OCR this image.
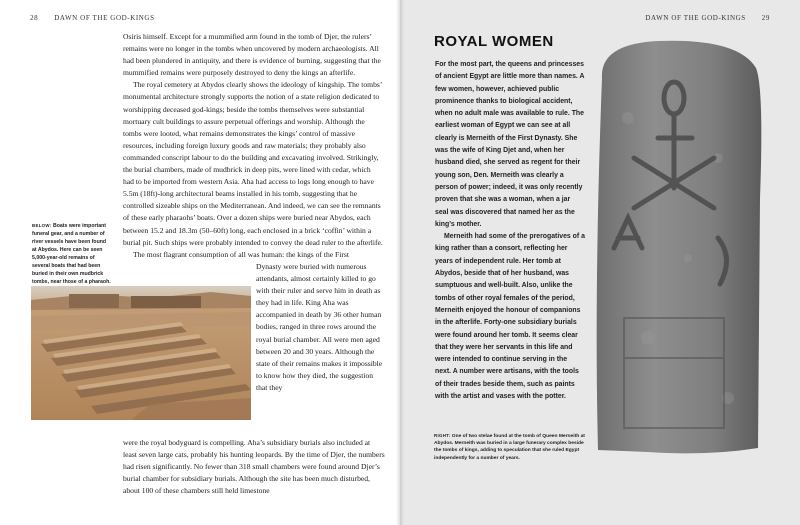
28 DAWN OF THE GOD-KINGS

Osiris himself. Except for a mummified arm found in the tomb of Djer, the rulers’ remains were no longer in the tombs when uncovered by modern archaeologists. All had been plundered in antiquity, and there is evidence of burning, suggesting that the mummified remains were purposely destroyed to deny the kings an afterlife.

The royal cemetery at Abydos clearly shows the ideology of kingship. The tombs’ monumental architecture strongly supports the notion of a state religion dedicated to worshipping deceased god-kings; beside the tombs themselves were substantial mortuary cult buildings to assure perpetual offerings and worship. Although the tombs were looted, what remains demonstrates the kings’ control of massive resources, including foreign luxury goods and raw materials; they probably also commanded conscript labour to do the building and excavating involved. Strikingly, the burial chambers, made of mudbrick in deep pits, were lined with cedar, which had to be imported from western Asia. Aha had access to logs long enough to have 5.5m (18ft)-long architectural beams installed in his tomb, suggesting that he controlled sizeable ships on the Mediterranean. And indeed, we can see the remnants of these early pharaohs’ boats. Over a dozen ships were buried near Abydos, each between 15.2 and 18.3m (50–60ft) long, each enclosed in a brick ‘coffin’ within a burial pit. Such ships were probably intended to convey the dead ruler to the afterlife.

The most flagrant consumption of all was human: the kings of the First

BELOW: Boats were important funeral gear, and a number of river vessels have been found at Abydos. Here can be seen 5,000-year-old remains of several boats that had been buried in their own mudbrick tombs, near those of a pharaoh.

Dynasty were buried with numerous attendants, almost certainly killed to go with their ruler and serve him in death as they had in life. King Aha was accompanied in death by 36 other human bodies, ranged in three rows around the royal burial chamber. All were men aged between 20 and 30 years. Although the state of their remains makes it impossible to know how they died, the suggestion that they

were the royal bodyguard is compelling. Aha’s subsidiary burials also included at least seven large cats, probably his hunting leopards. By the time of Djer, the numbers had risen significantly. No fewer than 318 small chambers were found around Djer’s burial chamber for subsidiary burials. Although the site has been much disturbed, about 100 of these chambers still held limestone

DAWN OF THE GOD-KINGS 29
ROYAL WOMEN

For the most part, the queens and princesses of ancient Egypt are little more than names. A few women, however, achieved public prominence thanks to biological accident, when no adult male was available to rule. The earliest woman of Egypt we can see at all clearly is Merneith of the First Dynasty. She was the wife of King Djet and, when her husband died, she served as regent for their young son, Den. Merneith was clearly a person of power; indeed, it was only recently proven that she was a woman, when a jar seal was discovered that named her as the king’s mother.

Merneith had some of the prerogatives of a king rather than a consort, reflecting her years of independent rule. Her tomb at Abydos, beside that of her husband, was sumptuous and well-built. Also, unlike the tombs of other royal females of the period, Merneith enjoyed the honour of companions in the afterlife. Forty-one subsidiary burials were found around her tomb. It seems clear that they were her servants in this life and were intended to continue serving in the next. A number were artisans, with the tools of their trades beside them, such as paints with the artist and vases with the potter.

RIGHT: One of two stelae found at the tomb of Queen Merneith at Abydos. Merneith was buried in a large funerary complex beside the tombs of kings, adding to speculation that she ruled Egypt independently for a number of years.
